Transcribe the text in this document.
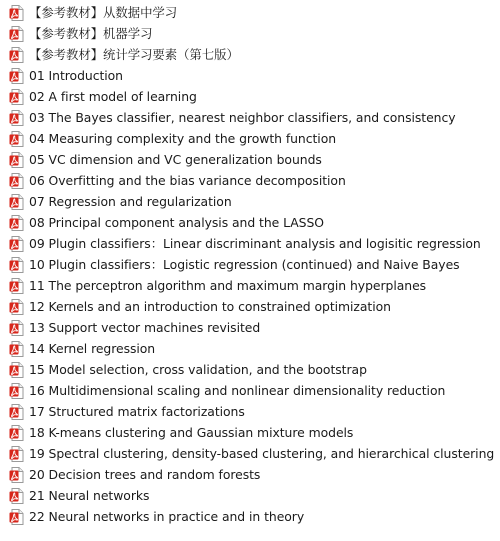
【参考教材】从数据中学习
【参考教材】机器学习
【参考教材】统计学习要素（第七版）
01 Introduction
02 A first model of learning
03 The Bayes classifier, nearest neighbor classifiers, and consistency
04 Measuring complexity and the growth function
05 VC dimension and VC generalization bounds
06 Overfitting and the bias variance decomposition
07 Regression and regularization
08 Principal component analysis and the LASSO
09 Plugin classifiers：Linear discriminant analysis and logisitic regression
10 Plugin classifiers：Logistic regression (continued) and Naive Bayes
11 The perceptron algorithm and maximum margin hyperplanes
12 Kernels and an introduction to constrained optimization
13 Support vector machines revisited
14 Kernel regression
15 Model selection, cross validation, and the bootstrap
16 Multidimensional scaling and nonlinear dimensionality reduction
17 Structured matrix factorizations
18 K-means clustering and Gaussian mixture models
19 Spectral clustering, density-based clustering, and hierarchical clustering
20 Decision trees and random forests
21 Neural networks
22 Neural networks in practice and in theory
